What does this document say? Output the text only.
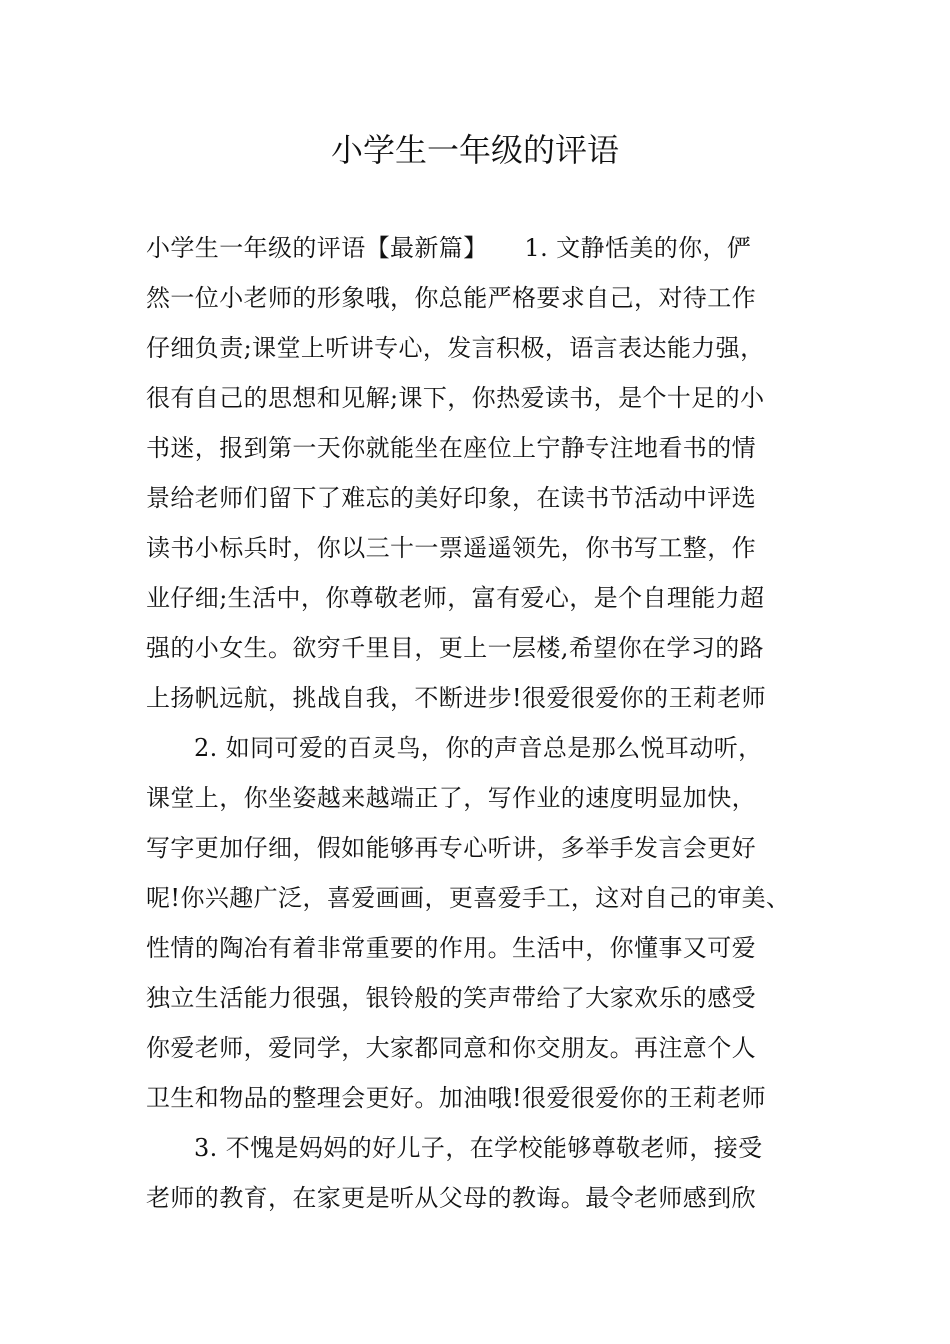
小学生一年级的评语
小学生一年级的评语【最新篇】　　1. 文静恬美的你，俨
然一位小老师的形象哦，你总能严格要求自己，对待工作
仔细负责;课堂上听讲专心，发言积极，语言表达能力强，
很有自己的思想和见解;课下，你热爱读书，是个十足的小
书迷，报到第一天你就能坐在座位上宁静专注地看书的情
景给老师们留下了难忘的美好印象，在读书节活动中评选
读书小标兵时，你以三十一票遥遥领先，你书写工整，作
业仔细;生活中，你尊敬老师，富有爱心，是个自理能力超
强的小女生。欲穷千里目，更上一层楼,希望你在学习的路
上扬帆远航，挑战自我，不断进步!很爱很爱你的王莉老师
2. 如同可爱的百灵鸟，你的声音总是那么悦耳动听，
课堂上，你坐姿越来越端正了，写作业的速度明显加快，
写字更加仔细，假如能够再专心听讲，多举手发言会更好
呢!你兴趣广泛，喜爱画画，更喜爱手工，这对自己的审美、
性情的陶冶有着非常重要的作用。生活中，你懂事又可爱
独立生活能力很强，银铃般的笑声带给了大家欢乐的感受
你爱老师，爱同学，大家都同意和你交朋友。再注意个人
卫生和物品的整理会更好。加油哦!很爱很爱你的王莉老师
3. 不愧是妈妈的好儿子，在学校能够尊敬老师，接受
老师的教育，在家更是听从父母的教诲。最令老师感到欣
